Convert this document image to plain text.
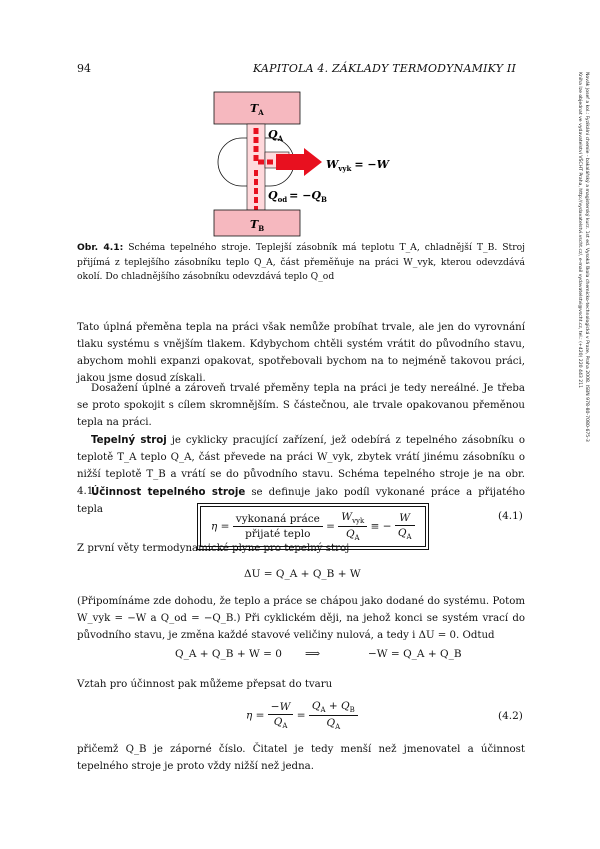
94	KAPITOLA 4. ZÁKLADY TERMODYNAMIKY II
Novák Josef a kol.: Fyzikální chemie - bakalářský a magisterský kurz. 1st ed. Vysoká škola chemicko-technologická v Praze, Praha 2008. ISBN 978-80-7080-675-3
Kniha lze objednat ve vydavatelství VŠCHT Praha, http://vydavatelstvi.vscht.cz/, e-mail vydavatelstvi@vscht.cz, tel.: (+420) 220 443 211
$T_A$
$Q_A$
$W_{vyk} = -W$
$Q_{od} = -Q_B$
$T_B$
Obr. 4.1: Schéma tepelného stroje. Teplejší zásobník má teplotu T_A, chladnější T_B. Stroj přijímá z teplejšího zásobníku teplo Q_A, část přeměňuje na práci W_vyk, kterou odevzdává okolí. Do chladnějšího zásobníku odevzdává teplo Q_od

Tato úplná přeměna tepla na práci však nemůže probíhat trvale, ale jen do vyrovnání tlaku systému s vnějším tlakem. Kdybychom chtěli systém vrátit do původního stavu, abychom mohli expanzi opakovat, spotřebovali bychom na to nejméně takovou práci, jakou jsme dosud získali.

Dosažení úplné a zároveň trvalé přeměny tepla na práci je tedy nereálné. Je třeba se proto spokojit s cílem skromnějším. S částečnou, ale trvale opakovanou přeměnou tepla na práci.

Tepelný stroj je cyklicky pracující zařízení, jež odebírá z tepelného zásobníku o teplotě T_A teplo Q_A, část převede na práci W_vyk, zbytek vrátí jinému zásobníku o nižší teplotě T_B a vrátí se do původního stavu. Schéma tepelného stroje je na obr. 4.1.

Účinnost tepelného stroje se definuje jako podíl vykonané práce a přijatého tepla

$\eta = \frac{\text{vykonaná práce}}{\text{přijaté teplo}} = \frac{W_{vyk}}{Q_A}$ ≡ − $\frac{W}{Q_A}$	(4.1)

Z první věty termodynamické plyne pro tepelný stroj

ΔU = Q_A + Q_B + W

(Připomínáme zde dohodu, že teplo a práce se chápou jako dodané do systému. Potom W_vyk = −W a Q_od = −Q_B.) Při cyklickém ději, na jehož konci se systém vrací do původního stavu, je změna každé stavové veličiny nulová, a tedy i ΔU = 0. Odtud

Q_A + Q_B + W = 0 ⟹	−W = Q_A + Q_B

Vztah pro účinnost pak můžeme přepsat do tvaru

$\eta = \frac{-W}{Q_A} = \frac{Q_A + Q_B}{Q_A}$	(4.2)

přičemž Q_B je záporné číslo. Čitatel je tedy menší než jmenovatel a účinnost tepelného stroje je proto vždy nižší než jedna.
